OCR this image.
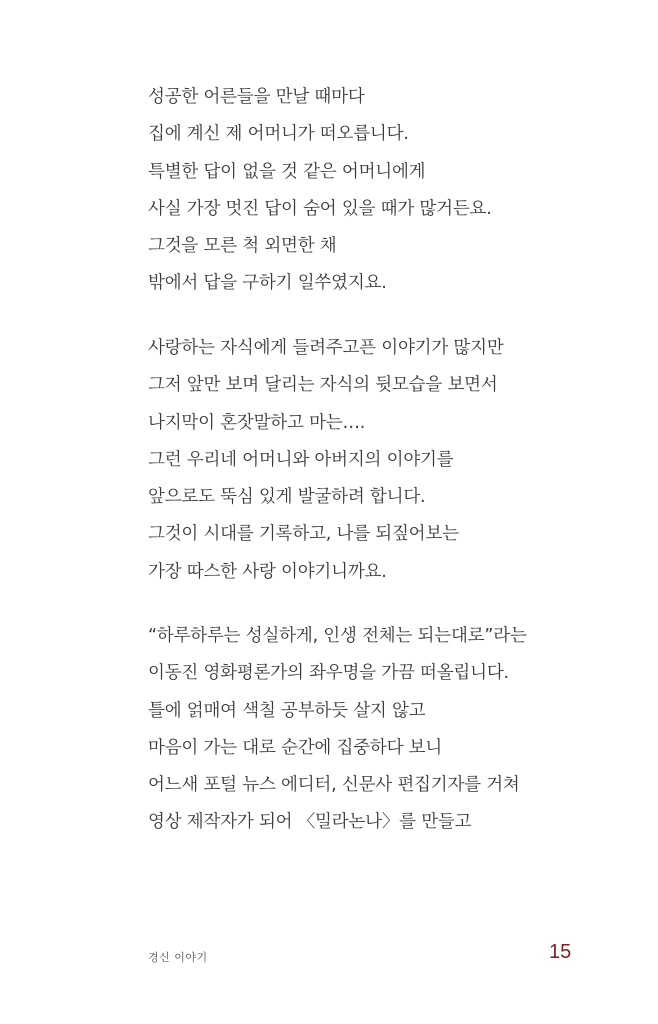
성공한 어른들을 만날 때마다
집에 계신 제 어머니가 떠오릅니다.
특별한 답이 없을 것 같은 어머니에게
사실 가장 멋진 답이 숨어 있을 때가 많거든요.
그것을 모른 척 외면한 채
밖에서 답을 구하기 일쑤였지요.
사랑하는 자식에게 들려주고픈 이야기가 많지만
그저 앞만 보며 달리는 자식의 뒷모습을 보면서
나지막이 혼잣말하고 마는….
그런 우리네 어머니와 아버지의 이야기를
앞으로도 뚝심 있게 발굴하려 합니다.
그것이 시대를 기록하고, 나를 되짚어보는
가장 따스한 사랑 이야기니까요.
“하루하루는 성실하게, 인생 전체는 되는대로”라는
이동진 영화평론가의 좌우명을 가끔 떠올립니다.
틀에 얽매여 색칠 공부하듯 살지 않고
마음이 가는 대로 순간에 집중하다 보니
어느새 포털 뉴스 에디터, 신문사 편집기자를 거쳐
영상 제작자가 되어 〈밀라논나〉를 만들고
경신 이야기	15
